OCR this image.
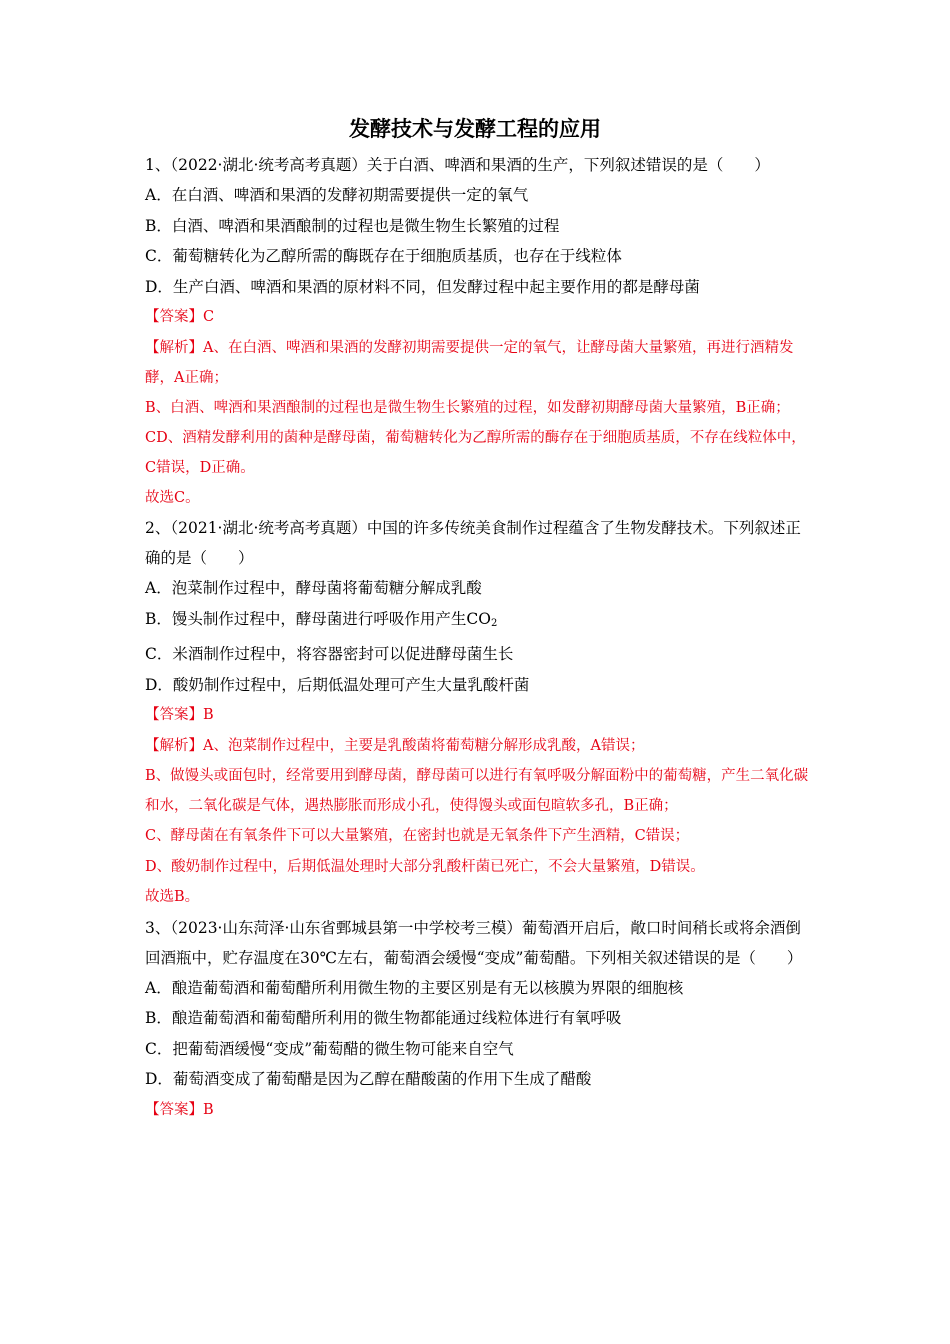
发酵技术与发酵工程的应用
1、（2022·湖北·统考高考真题）关于白酒、啤酒和果酒的生产，下列叙述错误的是（　　）
A．在白酒、啤酒和果酒的发酵初期需要提供一定的氧气
B．白酒、啤酒和果酒酿制的过程也是微生物生长繁殖的过程
C．葡萄糖转化为乙醇所需的酶既存在于细胞质基质，也存在于线粒体
D．生产白酒、啤酒和果酒的原材料不同，但发酵过程中起主要作用的都是酵母菌
【答案】C
【解析】A、在白酒、啤酒和果酒的发酵初期需要提供一定的氧气，让酵母菌大量繁殖，再进行酒精发酵，A正确；
B、白酒、啤酒和果酒酿制的过程也是微生物生长繁殖的过程，如发酵初期酵母菌大量繁殖，B正确；
CD、酒精发酵利用的菌种是酵母菌，葡萄糖转化为乙醇所需的酶存在于细胞质基质，不存在线粒体中，C错误，D正确。
故选C。
2、（2021·湖北·统考高考真题）中国的许多传统美食制作过程蕴含了生物发酵技术。下列叙述正确的是（　　）
A．泡菜制作过程中，酵母菌将葡萄糖分解成乳酸
B．馒头制作过程中，酵母菌进行呼吸作用产生$CO_2$
C．米酒制作过程中，将容器密封可以促进酵母菌生长
D．酸奶制作过程中，后期低温处理可产生大量乳酸杆菌
【答案】B
【解析】A、泡菜制作过程中，主要是乳酸菌将葡萄糖分解形成乳酸，A错误；
B、做馒头或面包时，经常要用到酵母菌，酵母菌可以进行有氧呼吸分解面粉中的葡萄糖，产生二氧化碳和水，二氧化碳是气体，遇热膨胀而形成小孔，使得馒头或面包暄软多孔，B正确；
C、酵母菌在有氧条件下可以大量繁殖，在密封也就是无氧条件下产生酒精，C错误；
D、酸奶制作过程中，后期低温处理时大部分乳酸杆菌已死亡，不会大量繁殖，D错误。
故选B。
3、（2023·山东菏泽·山东省鄄城县第一中学校考三模）葡萄酒开启后，敞口时间稍长或将余酒倒回酒瓶中，贮存温度在30℃左右，葡萄酒会缓慢“变成”葡萄醋。下列相关叙述错误的是（　　）
A．酿造葡萄酒和葡萄醋所利用微生物的主要区别是有无以核膜为界限的细胞核
B．酿造葡萄酒和葡萄醋所利用的微生物都能通过线粒体进行有氧呼吸
C．把葡萄酒缓慢“变成”葡萄醋的微生物可能来自空气
D．葡萄酒变成了葡萄醋是因为乙醇在醋酸菌的作用下生成了醋酸
【答案】B
